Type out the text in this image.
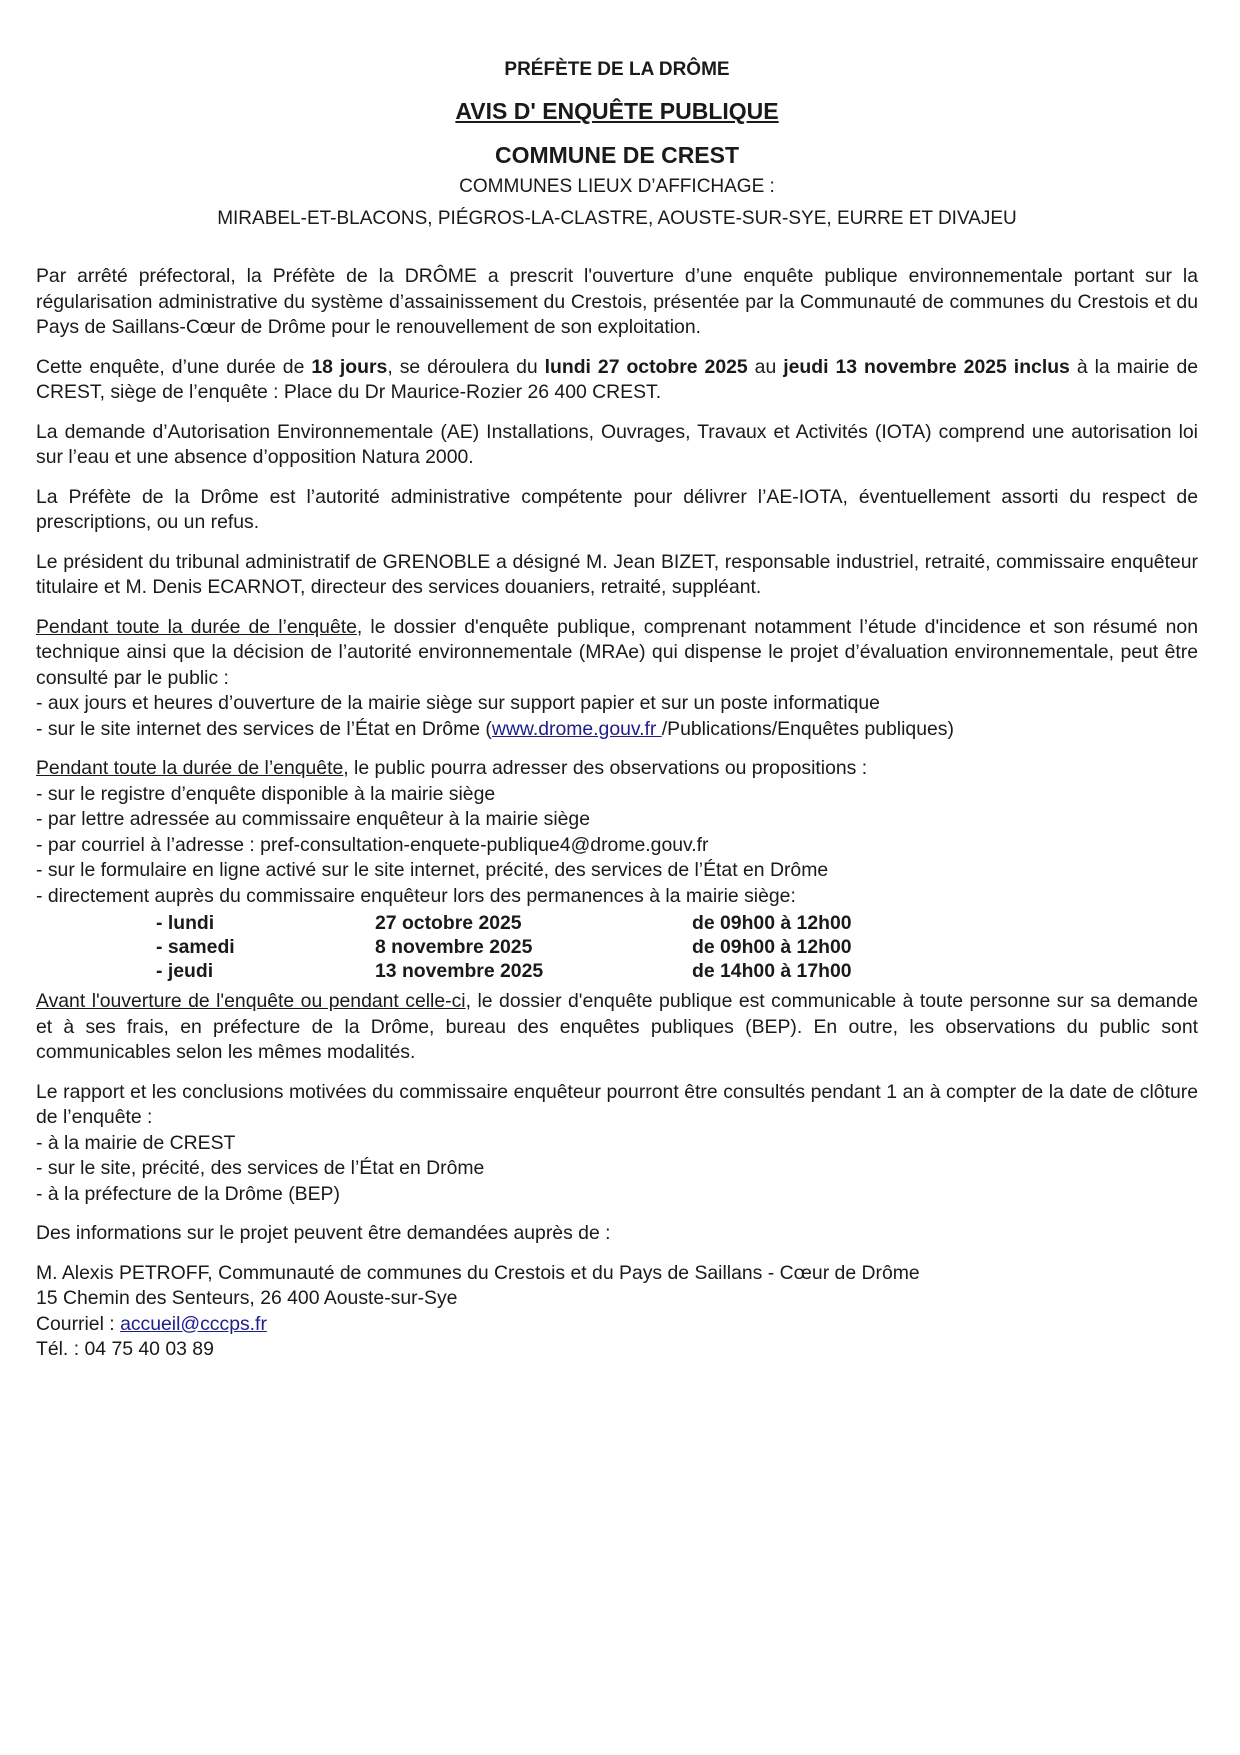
PRÉFÈTE DE LA DRÔME
AVIS D' ENQUÊTE PUBLIQUE
COMMUNE DE CREST
COMMUNES LIEUX D’AFFICHAGE :
MIRABEL-ET-BLACONS, PIÉGROS-LA-CLASTRE, AOUSTE-SUR-SYE, EURRE ET DIVAJEU

Par arrêté préfectoral, la Préfète de la DRÔME a prescrit l'ouverture d’une enquête publique environnementale portant sur la régularisation administrative du système d’assainissement du Crestois, présentée par la Communauté de communes du Crestois et du Pays de Saillans-Cœur de Drôme pour le renouvellement de son exploitation.

Cette enquête, d’une durée de 18 jours, se déroulera du lundi 27 octobre 2025 au jeudi 13 novembre 2025 inclus à la mairie de CREST, siège de l’enquête : Place du Dr Maurice-Rozier 26 400 CREST.

La demande d’Autorisation Environnementale (AE) Installations, Ouvrages, Travaux et Activités (IOTA) comprend une autorisation loi sur l’eau et une absence d’opposition Natura 2000.

La Préfète de la Drôme est l’autorité administrative compétente pour délivrer l’AE-IOTA, éventuellement assorti du respect de prescriptions, ou un refus.

Le président du tribunal administratif de GRENOBLE a désigné M. Jean BIZET, responsable industriel, retraité, commissaire enquêteur titulaire et M. Denis ECARNOT, directeur des services douaniers, retraité, suppléant.

Pendant toute la durée de l’enquête, le dossier d'enquête publique, comprenant notamment l’étude d'incidence et son résumé non technique ainsi que la décision de l’autorité environnementale (MRAe) qui dispense le projet d’évaluation environnementale, peut être consulté par le public :
- aux jours et heures d’ouverture de la mairie siège sur support papier et sur un poste informatique
- sur le site internet des services de l’État en Drôme (www.drome.gouv.fr /Publications/Enquêtes publiques)

Pendant toute la durée de l’enquête, le public pourra adresser des observations ou propositions :
- sur le registre d’enquête disponible à la mairie siège
- par lettre adressée au commissaire enquêteur à la mairie siège
- par courriel à l’adresse : pref-consultation-enquete-publique4@drome.gouv.fr
- sur le formulaire en ligne activé sur le site internet, précité, des services de l’État en Drôme
- directement auprès du commissaire enquêteur lors des permanences à la mairie siège:

- lundi	27 octobre 2025	de 09h00 à 12h00
- samedi	8 novembre 2025	de 09h00 à 12h00
- jeudi	13 novembre 2025	de 14h00 à 17h00

Avant l'ouverture de l'enquête ou pendant celle-ci, le dossier d'enquête publique est communicable à toute personne sur sa demande et à ses frais, en préfecture de la Drôme, bureau des enquêtes publiques (BEP). En outre, les observations du public sont communicables selon les mêmes modalités.

Le rapport et les conclusions motivées du commissaire enquêteur pourront être consultés pendant 1 an à compter de la date de clôture de l’enquête :
- à la mairie de CREST
- sur le site, précité, des services de l’État en Drôme
- à la préfecture de la Drôme (BEP)

Des informations sur le projet peuvent être demandées auprès de :

M. Alexis PETROFF, Communauté de communes du Crestois et du Pays de Saillans - Cœur de Drôme
15 Chemin des Senteurs, 26 400 Aouste-sur-Sye
Courriel : accueil@cccps.fr
Tél. : 04 75 40 03 89
